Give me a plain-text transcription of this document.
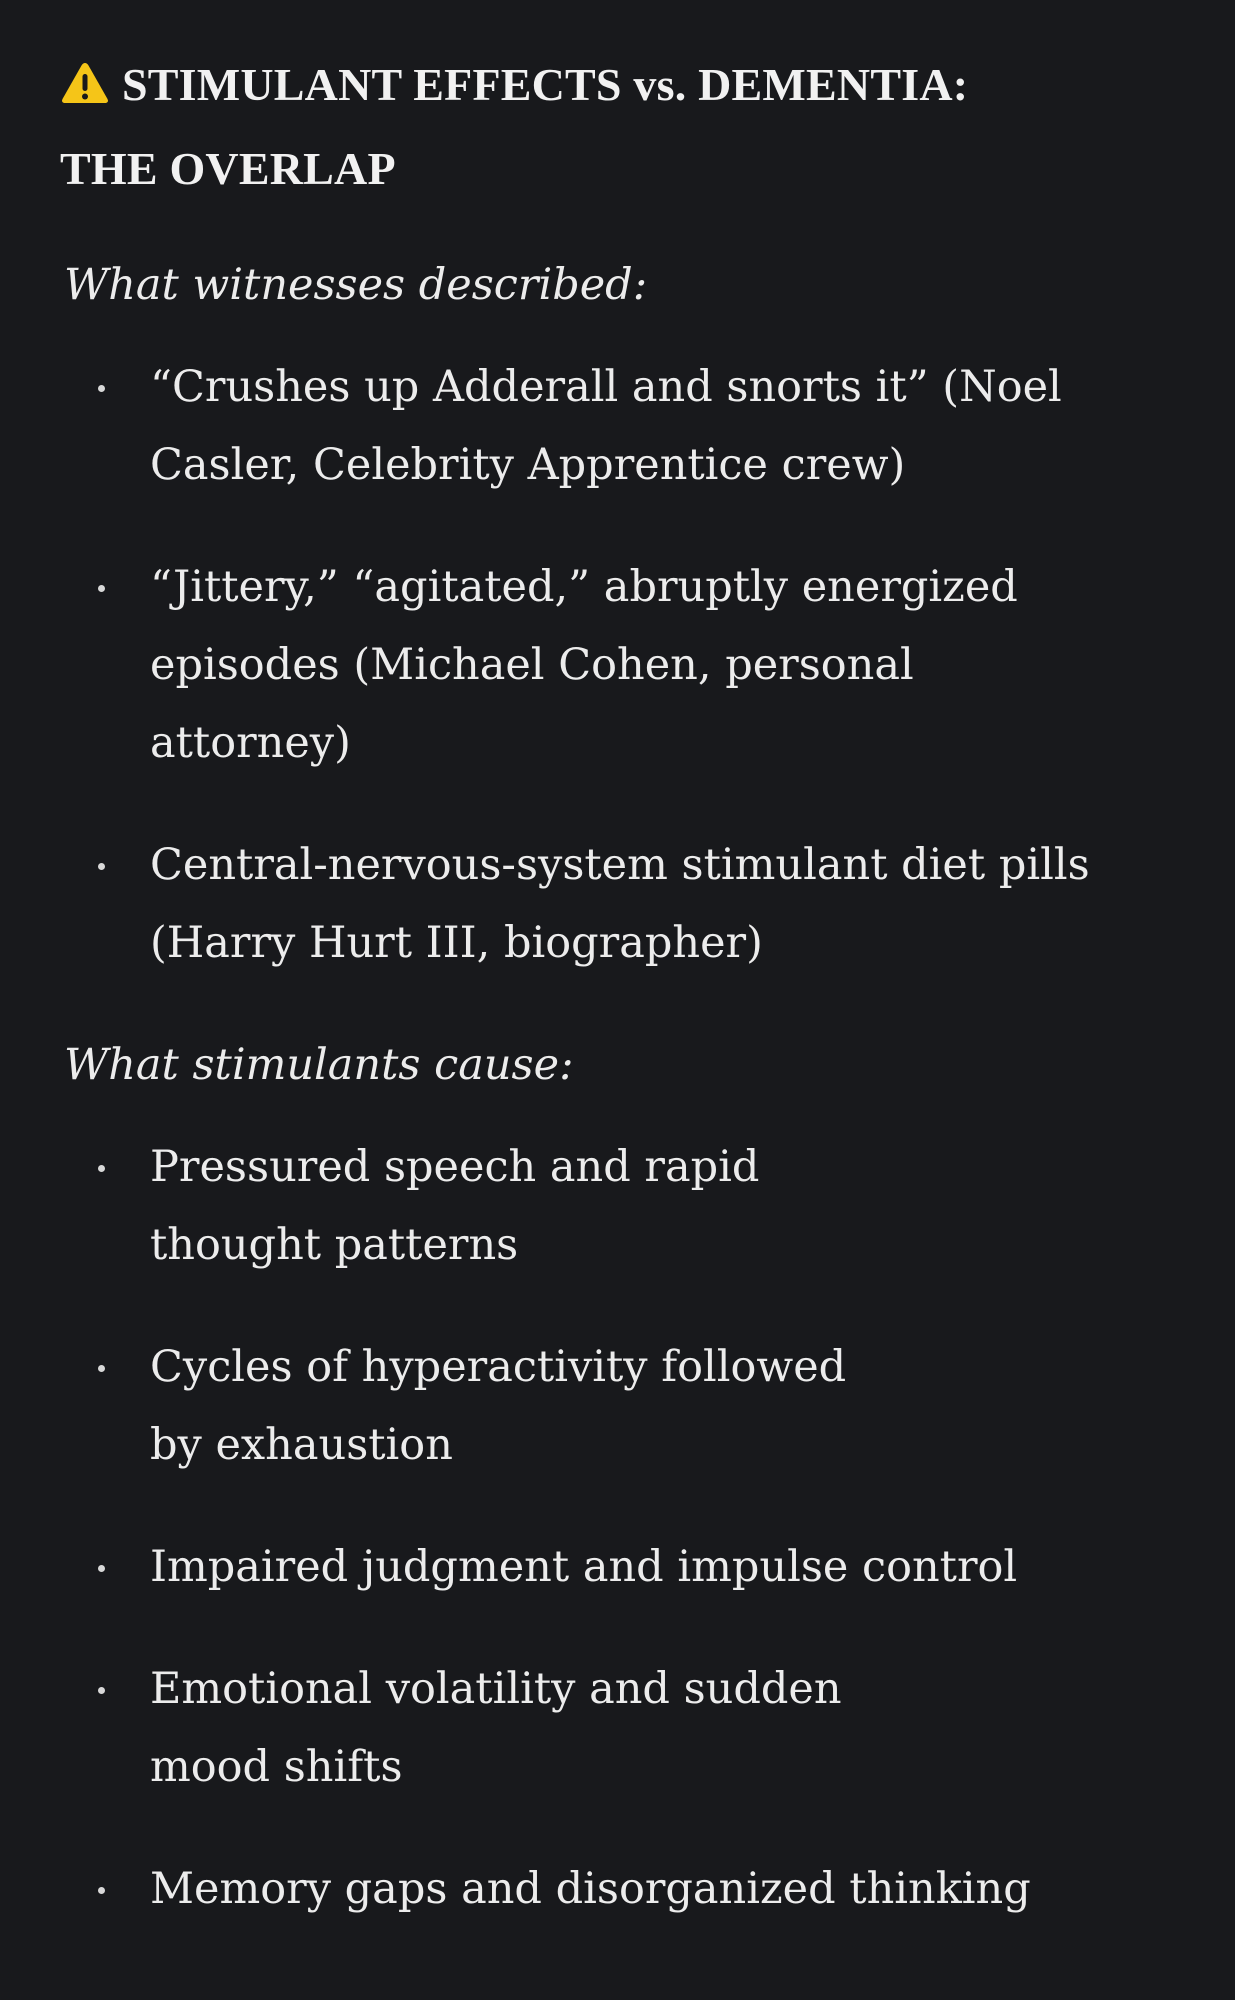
STIMULANT EFFECTS vs. DEMENTIA:
THE OVERLAP

What witnesses described:

“Crushes up Adderall and snorts it” (Noel
Casler, Celebrity Apprentice crew)
“Jittery,” “agitated,” abruptly energized
episodes (Michael Cohen, personal
attorney)
Central-nervous-system stimulant diet pills
(Harry Hurt III, biographer)

What stimulants cause:

Pressured speech and rapid
thought patterns
Cycles of hyperactivity followed
by exhaustion
Impaired judgment and impulse control
Emotional volatility and sudden
mood shifts
Memory gaps and disorganized thinking
